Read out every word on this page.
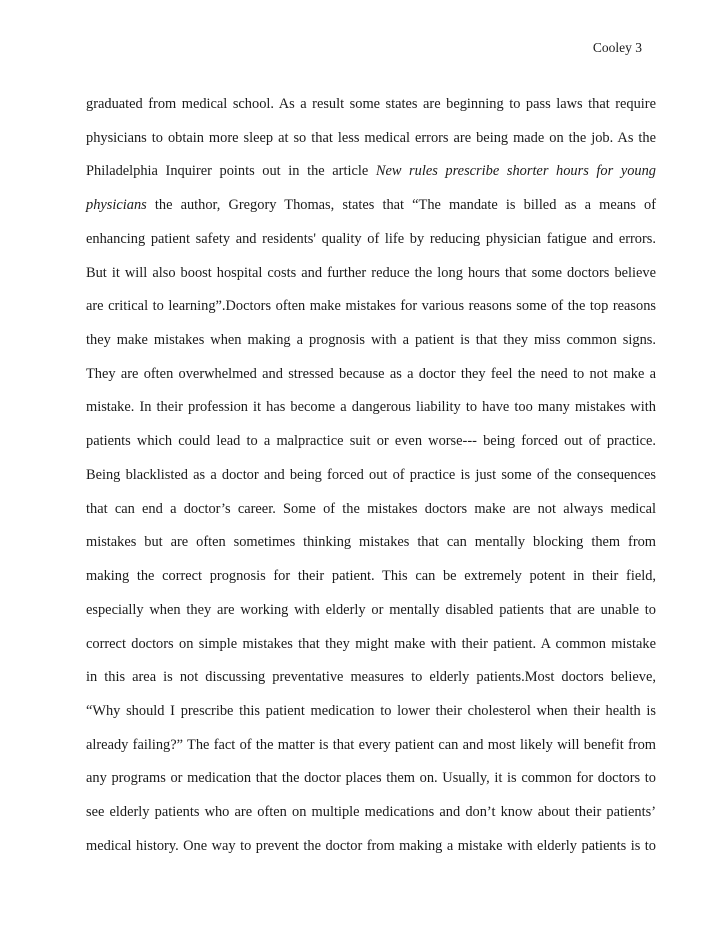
Cooley 3
graduated from medical school. As a result some states are beginning to pass laws that require
physicians to obtain more sleep at so that less medical errors are being made on the job. As the
Philadelphia Inquirer points out in the article New rules prescribe shorter hours for young
physicians the author, Gregory Thomas, states that “The mandate is billed as a means of
enhancing patient safety and residents' quality of life by reducing physician fatigue and errors.
But it will also boost hospital costs and further reduce the long hours that some doctors believe
are critical to learning”.Doctors often make mistakes for various reasons some of the top reasons
they make mistakes when making a prognosis with a patient is that they miss common signs.
They are often overwhelmed and stressed because as a doctor they feel the need to not make a
mistake. In their profession it has become a dangerous liability to have too many mistakes with
patients which could lead to a malpractice suit or even worse--- being forced out of practice.
Being blacklisted as a doctor and being forced out of practice is just some of the consequences
that can end a doctor’s career. Some of the mistakes doctors make are not always medical
mistakes but are often sometimes thinking mistakes that can mentally blocking them from
making the correct prognosis for their patient. This can be extremely potent in their field,
especially when they are working with elderly or mentally disabled patients that are unable to
correct doctors on simple mistakes that they might make with their patient. A common mistake
in this area is not discussing preventative measures to elderly patients.Most doctors believe,
“Why should I prescribe this patient medication to lower their cholesterol when their health is
already failing?” The fact of the matter is that every patient can and most likely will benefit from
any programs or medication that the doctor places them on. Usually, it is common for doctors to
see elderly patients who are often on multiple medications and don’t know about their patients’
medical history. One way to prevent the doctor from making a mistake with elderly patients is to
